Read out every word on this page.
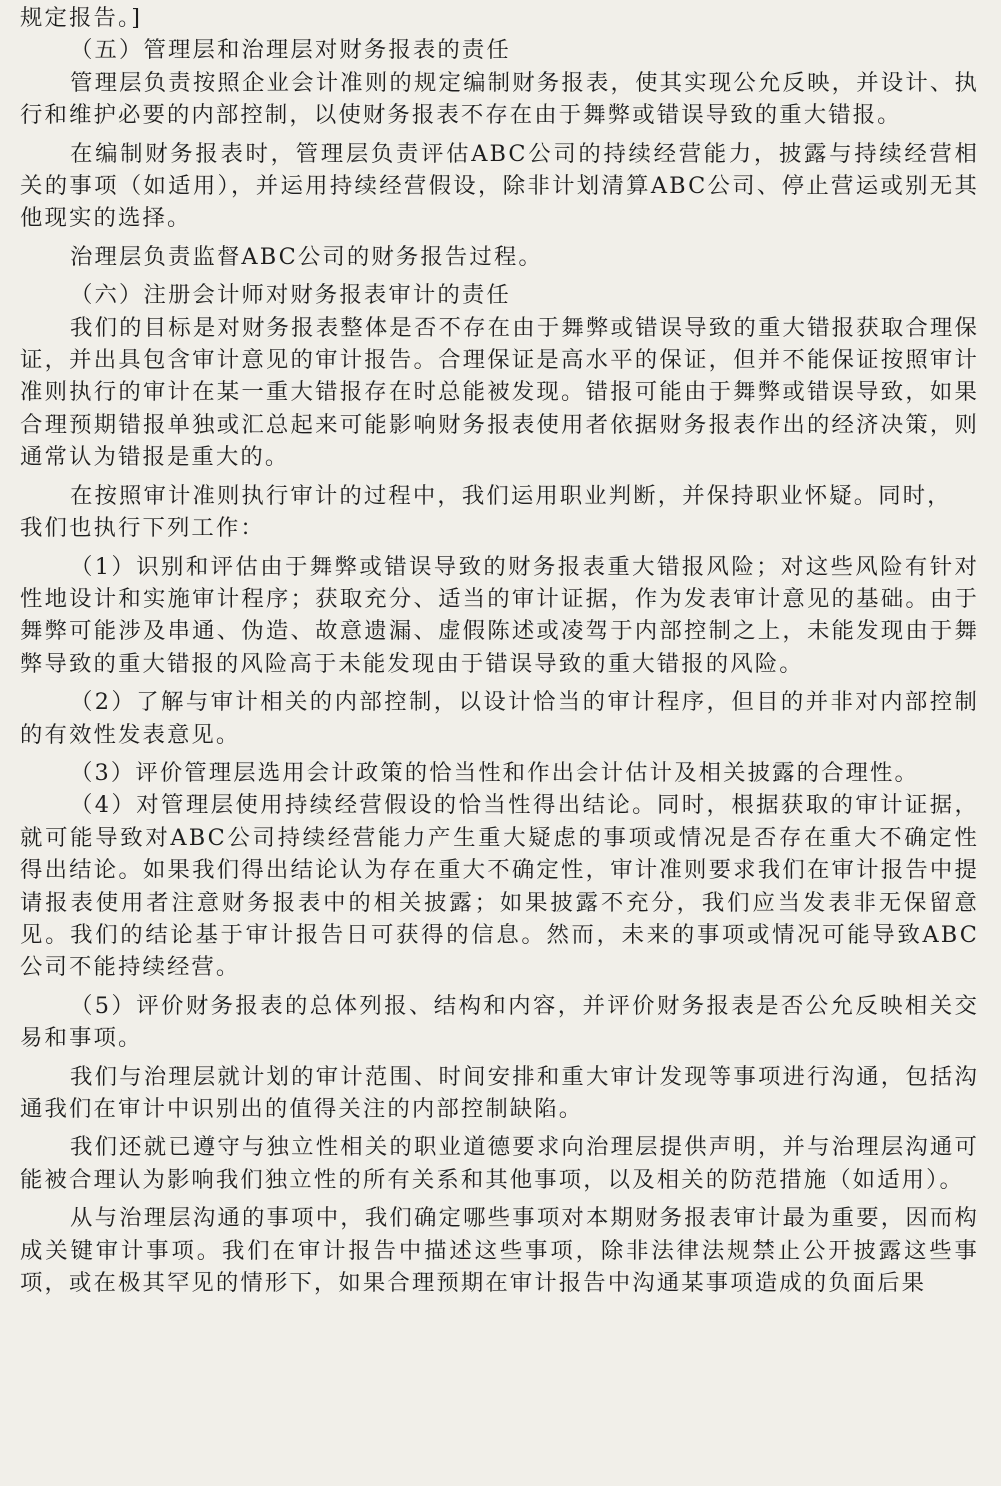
规定报告。]

（五）管理层和治理层对财务报表的责任

管理层负责按照企业会计准则的规定编制财务报表，使其实现公允反映，并设计、执行和维护必要的内部控制，以使财务报表不存在由于舞弊或错误导致的重大错报。

在编制财务报表时，管理层负责评估ABC公司的持续经营能力，披露与持续经营相关的事项（如适用），并运用持续经营假设，除非计划清算ABC公司、停止营运或别无其他现实的选择。

治理层负责监督ABC公司的财务报告过程。

（六）注册会计师对财务报表审计的责任

我们的目标是对财务报表整体是否不存在由于舞弊或错误导致的重大错报获取合理保证，并出具包含审计意见的审计报告。合理保证是高水平的保证，但并不能保证按照审计准则执行的审计在某一重大错报存在时总能被发现。错报可能由于舞弊或错误导致，如果合理预期错报单独或汇总起来可能影响财务报表使用者依据财务报表作出的经济决策，则通常认为错报是重大的。

在按照审计准则执行审计的过程中，我们运用职业判断，并保持职业怀疑。同时，

我们也执行下列工作：

（1）识别和评估由于舞弊或错误导致的财务报表重大错报风险；对这些风险有针对性地设计和实施审计程序；获取充分、适当的审计证据，作为发表审计意见的基础。由于舞弊可能涉及串通、伪造、故意遗漏、虚假陈述或凌驾于内部控制之上，未能发现由于舞弊导致的重大错报的风险高于未能发现由于错误导致的重大错报的风险。

（2）了解与审计相关的内部控制，以设计恰当的审计程序，但目的并非对内部控制的有效性发表意见。

（3）评价管理层选用会计政策的恰当性和作出会计估计及相关披露的合理性。

（4）对管理层使用持续经营假设的恰当性得出结论。同时，根据获取的审计证据，就可能导致对ABC公司持续经营能力产生重大疑虑的事项或情况是否存在重大不确定性得出结论。如果我们得出结论认为存在重大不确定性，审计准则要求我们在审计报告中提请报表使用者注意财务报表中的相关披露；如果披露不充分，我们应当发表非无保留意见。我们的结论基于审计报告日可获得的信息。然而，未来的事项或情况可能导致ABC公司不能持续经营。

（5）评价财务报表的总体列报、结构和内容，并评价财务报表是否公允反映相关交易和事项。

我们与治理层就计划的审计范围、时间安排和重大审计发现等事项进行沟通，包括沟通我们在审计中识别出的值得关注的内部控制缺陷。

我们还就已遵守与独立性相关的职业道德要求向治理层提供声明，并与治理层沟通可能被合理认为影响我们独立性的所有关系和其他事项，以及相关的防范措施（如适用）。

从与治理层沟通的事项中，我们确定哪些事项对本期财务报表审计最为重要，因而构成关键审计事项。我们在审计报告中描述这些事项，除非法律法规禁止公开披露这些事项，或在极其罕见的情形下，如果合理预期在审计报告中沟通某事项造成的负面后果
